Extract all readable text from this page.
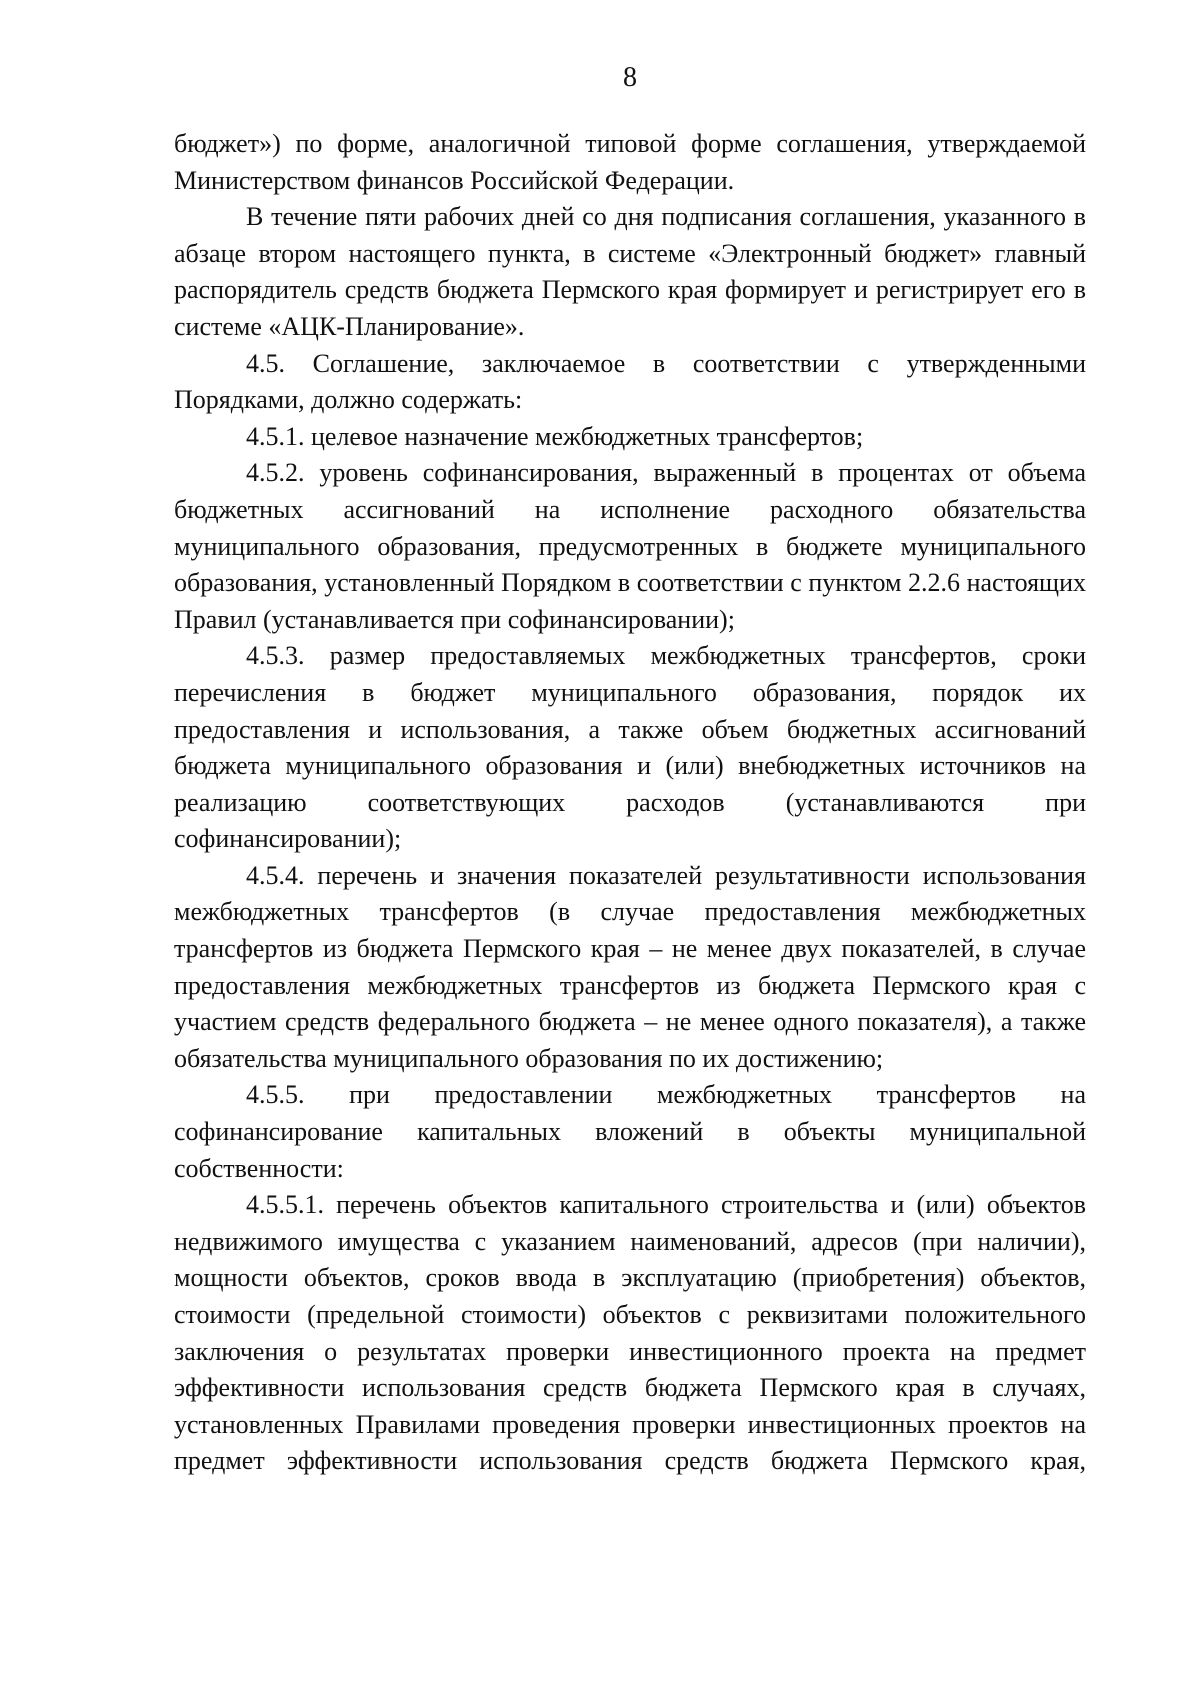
8

бюджет») по форме, аналогичной типовой форме соглашения, утверждаемой Министерством финансов Российской Федерации.

В течение пяти рабочих дней со дня подписания соглашения, указанного в абзаце втором настоящего пункта, в системе «Электронный бюджет» главный распорядитель средств бюджета Пермского края формирует и регистрирует его в системе «АЦК-Планирование».

4.5. Соглашение, заключаемое в соответствии с утвержденными Порядками, должно содержать:

4.5.1. целевое назначение межбюджетных трансфертов;

4.5.2. уровень софинансирования, выраженный в процентах от объема бюджетных ассигнований на исполнение расходного обязательства муниципального образования, предусмотренных в бюджете муниципального образования, установленный Порядком в соответствии с пунктом 2.2.6 настоящих Правил (устанавливается при софинансировании);

4.5.3. размер предоставляемых межбюджетных трансфертов, сроки перечисления в бюджет муниципального образования, порядок их предоставления и использования, а также объем бюджетных ассигнований бюджета муниципального образования и (или) внебюджетных источников на реализацию соответствующих расходов (устанавливаются при софинансировании);

4.5.4. перечень и значения показателей результативности использования межбюджетных трансфертов (в случае предоставления межбюджетных трансфертов из бюджета Пермского края – не менее двух показателей, в случае предоставления межбюджетных трансфертов из бюджета Пермского края с участием средств федерального бюджета – не менее одного показателя), а также обязательства муниципального образования по их достижению;

4.5.5. при предоставлении межбюджетных трансфертов на софинансирование капитальных вложений в объекты муниципальной собственности:

4.5.5.1. перечень объектов капитального строительства и (или) объектов недвижимого имущества с указанием наименований, адресов (при наличии), мощности объектов, сроков ввода в эксплуатацию (приобретения) объектов, стоимости (предельной стоимости) объектов с реквизитами положительного заключения о результатах проверки инвестиционного проекта на предмет эффективности использования средств бюджета Пермского края в случаях, установленных Правилами проведения проверки инвестиционных проектов на предмет эффективности использования средств бюджета Пермского края,
